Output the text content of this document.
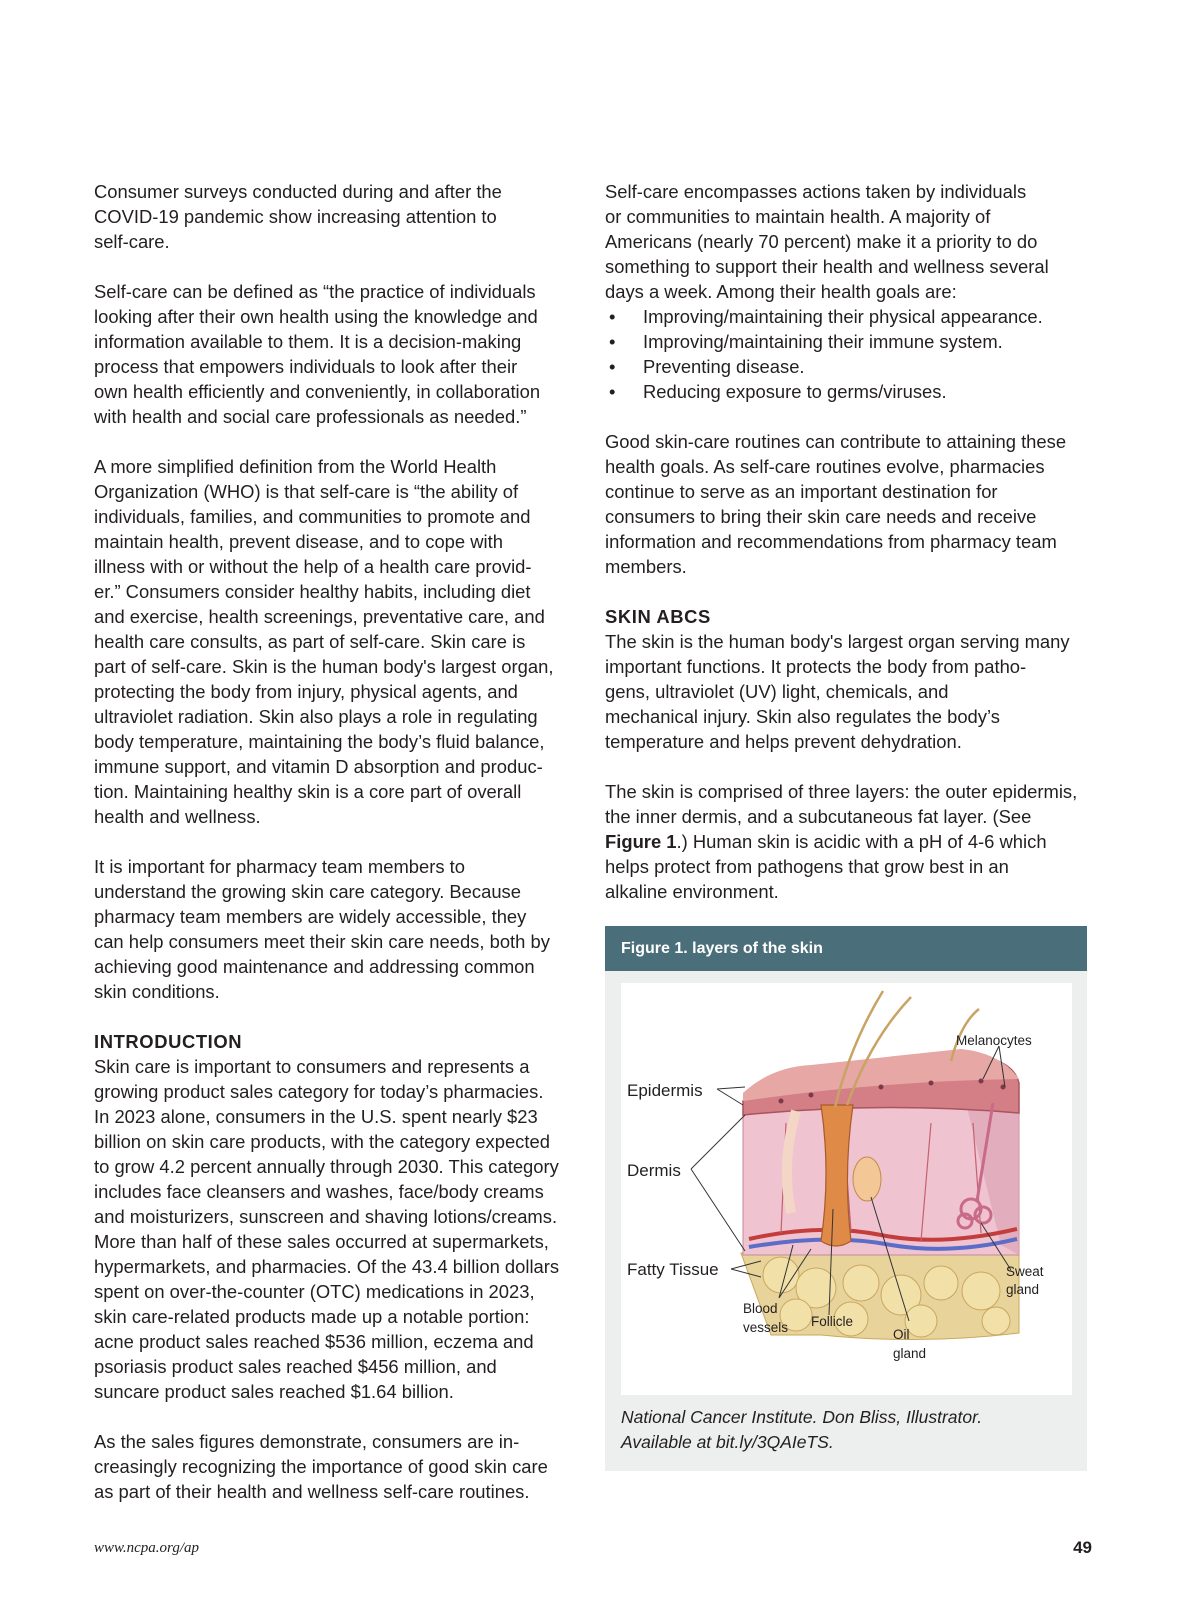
Consumer surveys conducted during and after the
COVID-19 pandemic show increasing attention to
self-care.

Self-care can be defined as “the practice of individuals
looking after their own health using the knowledge and
information available to them. It is a decision-making
process that empowers individuals to look after their
own health efficiently and conveniently, in collaboration
with health and social care professionals as needed.”

A more simplified definition from the World Health
Organization (WHO) is that self-care is “the ability of
individuals, families, and communities to promote and
maintain health, prevent disease, and to cope with
illness with or without the help of a health care provid-
er.” Consumers consider healthy habits, including diet
and exercise, health screenings, preventative care, and
health care consults, as part of self-care. Skin care is
part of self-care. Skin is the human body's largest organ,
protecting the body from injury, physical agents, and
ultraviolet radiation. Skin also plays a role in regulating
body temperature, maintaining the body’s fluid balance,
immune support, and vitamin D absorption and produc-
tion. Maintaining healthy skin is a core part of overall
health and wellness.

It is important for pharmacy team members to
understand the growing skin care category. Because
pharmacy team members are widely accessible, they
can help consumers meet their skin care needs, both by
achieving good maintenance and addressing common
skin conditions.

INTRODUCTION

Skin care is important to consumers and represents a
growing product sales category for today’s pharmacies.
In 2023 alone, consumers in the U.S. spent nearly $23
billion on skin care products, with the category expected
to grow 4.2 percent annually through 2030. This category
includes face cleansers and washes, face/body creams
and moisturizers, sunscreen and shaving lotions/creams.
More than half of these sales occurred at supermarkets,
hypermarkets, and pharmacies. Of the 43.4 billion dollars
spent on over-the-counter (OTC) medications in 2023,
skin care-related products made up a notable portion:
acne product sales reached $536 million, eczema and
psoriasis product sales reached $456 million, and
suncare product sales reached $1.64 billion.

As the sales figures demonstrate, consumers are in-
creasingly recognizing the importance of good skin care
as part of their health and wellness self-care routines.

Self-care encompasses actions taken by individuals
or communities to maintain health. A majority of
Americans (nearly 70 percent) make it a priority to do
something to support their health and wellness several
days a week. Among their health goals are:

• Improving/maintaining their physical appearance.
• Improving/maintaining their immune system.
• Preventing disease.
• Reducing exposure to germs/viruses.

Good skin-care routines can contribute to attaining these
health goals. As self-care routines evolve, pharmacies
continue to serve as an important destination for
consumers to bring their skin care needs and receive
information and recommendations from pharmacy team
members.

SKIN ABCS

The skin is the human body's largest organ serving many
important functions. It protects the body from patho-
gens, ultraviolet (UV) light, chemicals, and
mechanical injury. Skin also regulates the body’s
temperature and helps prevent dehydration.

The skin is comprised of three layers: the outer epidermis,
the inner dermis, and a subcutaneous fat layer. (See
Figure 1.) Human skin is acidic with a pH of 4-6 which
helps protect from pathogens that grow best in an
alkaline environment.

Figure 1. layers of the skin
Epidermis
Dermis
Fatty Tissue
Melanocytes
Sweat
gland
Blood
vessels Follicle
Oil
gland
National Cancer Institute. Don Bliss, Illustrator.
Available at bit.ly/3QAIeTS.
www.ncpa.org/ap	49
